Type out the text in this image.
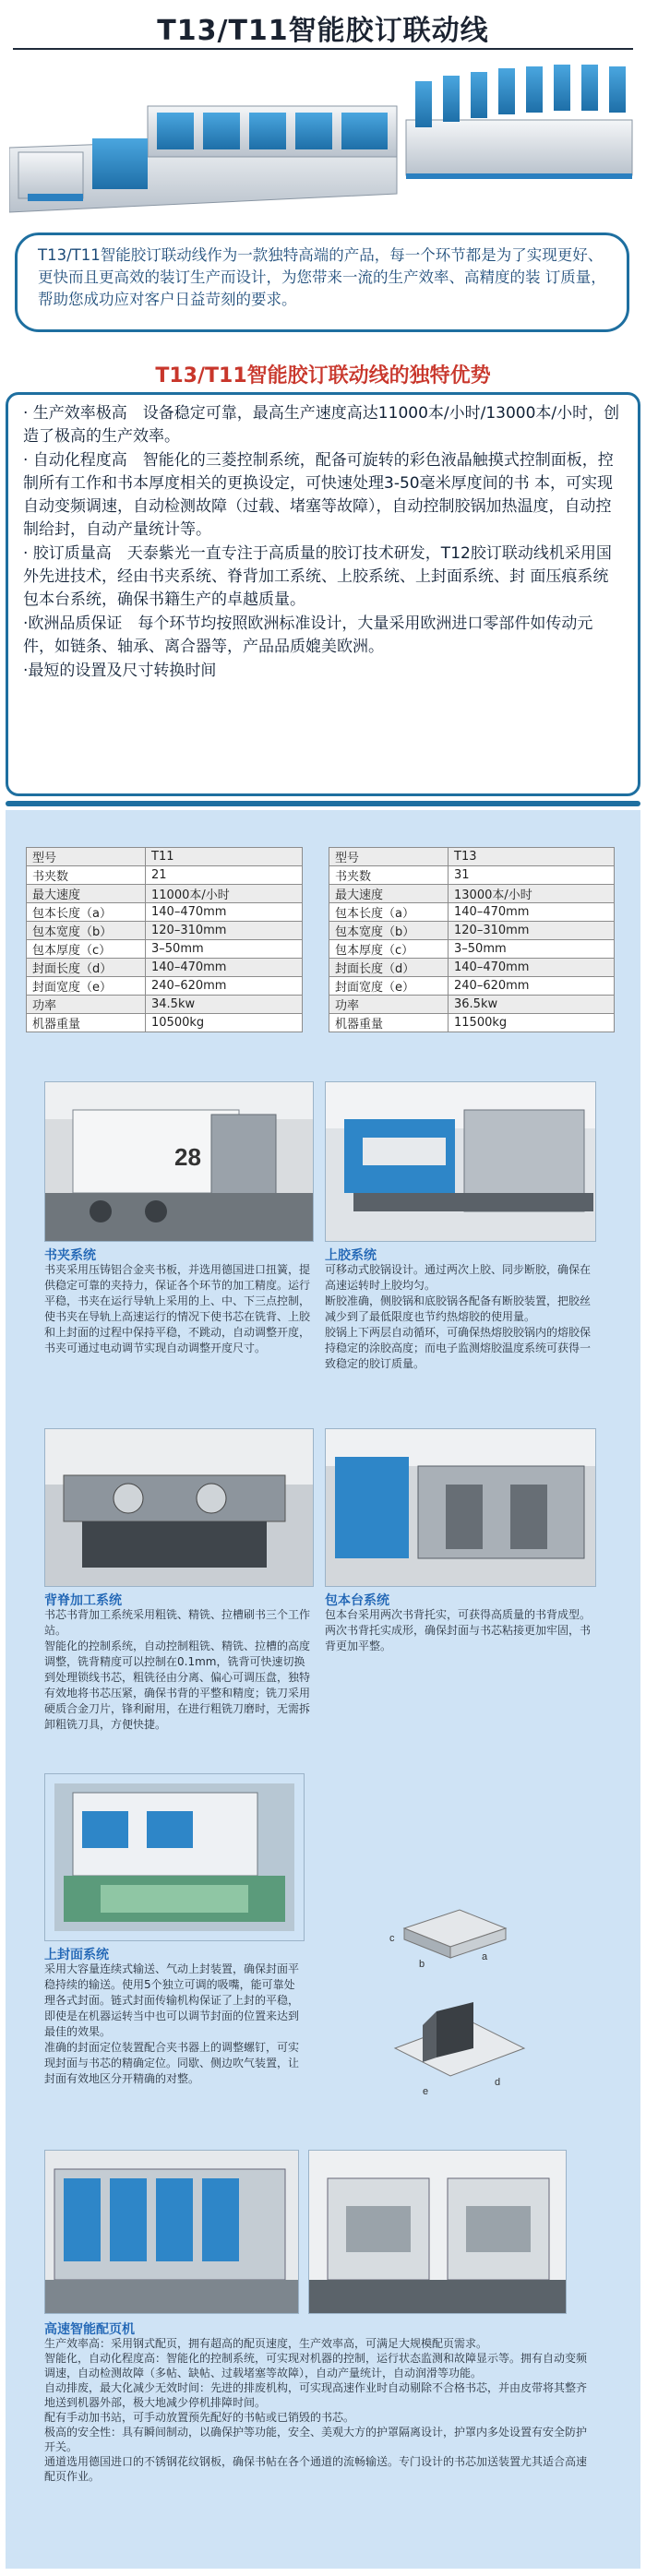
T13/T11智能胶订联动线
T13/T11智能胶订联动线作为一款独特高端的产品，每一个环节都是为了实现更好、更快而且更高效的装订生产而设计，为您带来一流的生产效率、高精度的装 订质量，帮助您成功应对客户日益苛刻的要求。
T13/T11智能胶订联动线的独特优势

· 生产效率极高　设备稳定可靠，最高生产速度高达11000本/小时/13000本/小时，创造了极高的生产效率。

· 自动化程度高　智能化的三菱控制系统，配备可旋转的彩色液晶触摸式控制面板，控制所有工作和书本厚度相关的更换设定，可快速处理3-50毫米厚度间的书 本，可实现自动变频调速，自动检测故障（过载、堵塞等故障），自动控制胶锅加热温度，自动控制给封，自动产量统计等。

· 胶订质量高　天泰紫光一直专注于高质量的胶订技术研发，T12胶订联动线机采用国外先进技术，经由书夹系统、脊背加工系统、上胶系统、上封面系统、封 面压痕系统包本台系统，确保书籍生产的卓越质量。

·欧洲品质保证　每个环节均按照欧洲标准设计，大量采用欧洲进口零部件如传动元件，如链条、轴承、离合器等，产品品质媲美欧洲。

·最短的设置及尺寸转换时间

型号	T11
书夹数	21
最大速度	11000本/小时
包本长度（a）	140–470mm
包本宽度（b）	120–310mm
包本厚度（c）	3–50mm
封面长度（d）	140–470mm
封面宽度（e）	240–620mm
功率	34.5kw
机器重量	10500kg
型号	T13
书夹数	31
最大速度	13000本/小时
包本长度（a）	140–470mm
包本宽度（b）	120–310mm
包本厚度（c）	3–50mm
封面长度（d）	140–470mm
封面宽度（e）	240–620mm
功率	36.5kw
机器重量	11500kg
28
书夹系统
书夹采用压铸铝合金夹书板，并选用德国进口扭簧，提供稳定可靠的夹持力，保证各个环节的加工精度。运行平稳，书夹在运行导轨上采用的上、中、下三点控制，使书夹在导轨上高速运行的情况下使书芯在铣背、上胶和上封面的过程中保持平稳，不跳动，自动调整开度，书夹可通过电动调节实现自动调整开度尺寸。
上胶系统
可移动式胶锅设计。通过两次上胶、同步断胶，确保在高速运转时上胶均匀。
断胶准确，侧胶锅和底胶锅各配备有断胶装置，把胶丝减少到了最低限度也节约热熔胶的使用量。
胶锅上下两层自动循环，可确保热熔胶胶锅内的熔胶保持稳定的涂胶高度；而电子监测熔胶温度系统可获得一致稳定的胶订质量。
背脊加工系统
书芯书背加工系统采用粗铣、精铣、拉槽刷书三个工作站。
智能化的控制系统，自动控制粗铣、精铣、拉槽的高度调整，铣背精度可以控制在0.1mm，铣背可快速切换到处理锁线书芯，粗铣径由分离、偏心可调压盘，独特有效地将书芯压紧，确保书背的平整和精度；铣刀采用硬质合金刀片，锋利耐用，在进行粗铣刀磨时，无需拆卸粗铣刀具，方便快捷。
包本台系统
包本台采用两次书背托实，可获得高质量的书背成型。
两次书背托实成形，确保封面与书芯粘接更加牢固，书背更加平整。
c
b
a
e
d
上封面系统
采用大容量连续式输送、气动上封装置，确保封面平稳持续的输送。使用5个独立可调的吸嘴，能可靠处理各式封面。链式封面传输机构保证了上封的平稳，即使是在机器运转当中也可以调节封面的位置来达到最佳的效果。
准确的封面定位装置配合夹书器上的调整螺钉，可实现封面与书芯的精确定位。同歇、侧边吹气装置，让封面有效地区分开精确的对整。
高速智能配页机
生产效率高：采用钢式配页，拥有超高的配页速度，生产效率高，可满足大规模配页需求。
智能化，自动化程度高：智能化的控制系统，可实现对机器的控制，运行状态监测和故障显示等。拥有自动变频调速，自动检测故障（多帖、缺帖、过载堵塞等故障），自动产量统计，自动润滑等功能。
自动排废，最大化减少无效时间：先进的排废机构，可实现高速作业时自动剔除不合格书芯，并由皮带将其整齐地送到机器外部，极大地减少停机排障时间。
配有手动加书站，可手动放置预先配好的书帖或已销毁的书芯。
极高的安全性：具有瞬间制动，以确保护等功能，安全、美观大方的护罩隔离设计，护罩内多处设置有安全防护开关。
通道选用德国进口的不锈钢花纹钢板，确保书帖在各个通道的流畅输送。专门设计的书芯加送装置尤其适合高速配页作业。
